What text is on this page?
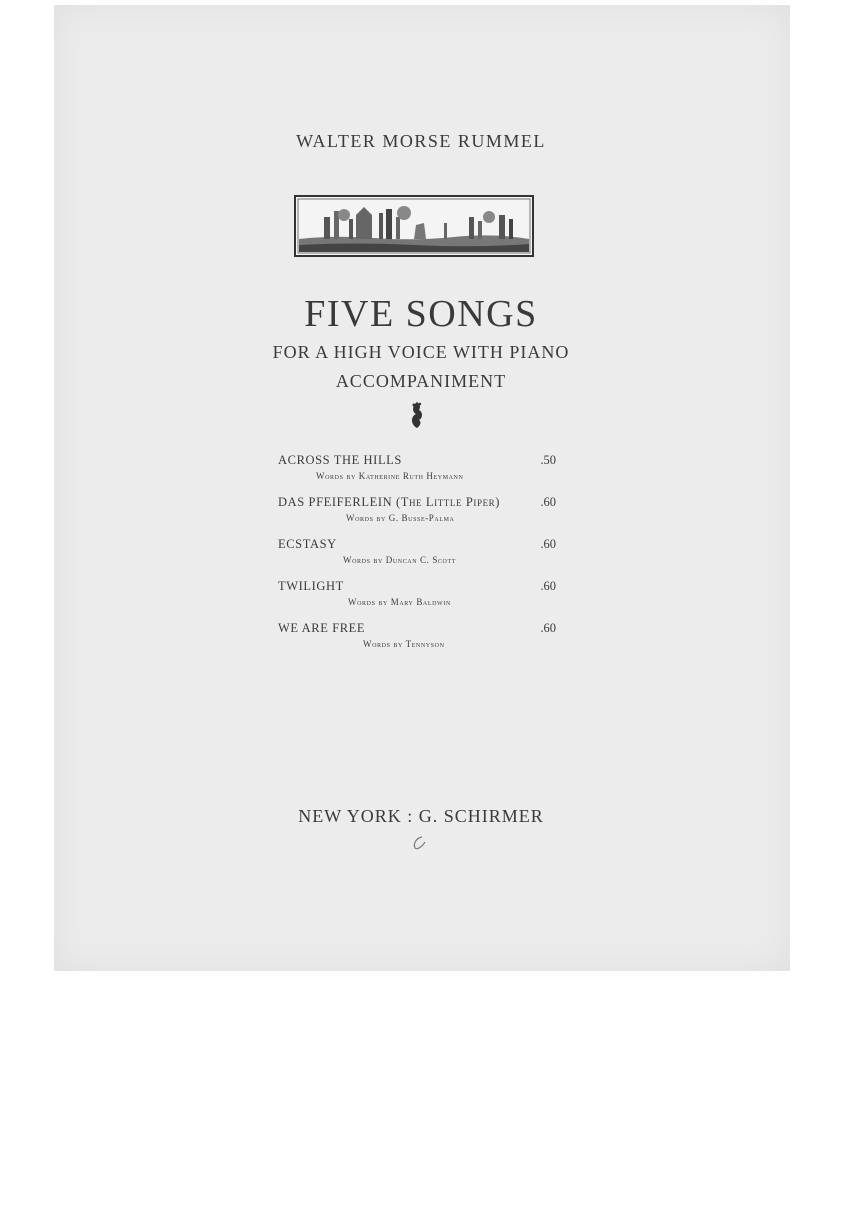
WALTER MORSE RUMMEL
FIVE SONGS
FOR A HIGH VOICE WITH PIANO
ACCOMPANIMENT
ACROSS THE HILLS	.50
Words by Katherine Ruth Heymann
DAS PFEIFERLEIN (The Little Piper)	.60
Words by G. Busse-Palma
ECSTASY	.60
Words by Duncan C. Scott
TWILIGHT	.60
Words by Mary Baldwin
WE ARE FREE	.60
Words by Tennyson
NEW YORK : G. SCHIRMER
